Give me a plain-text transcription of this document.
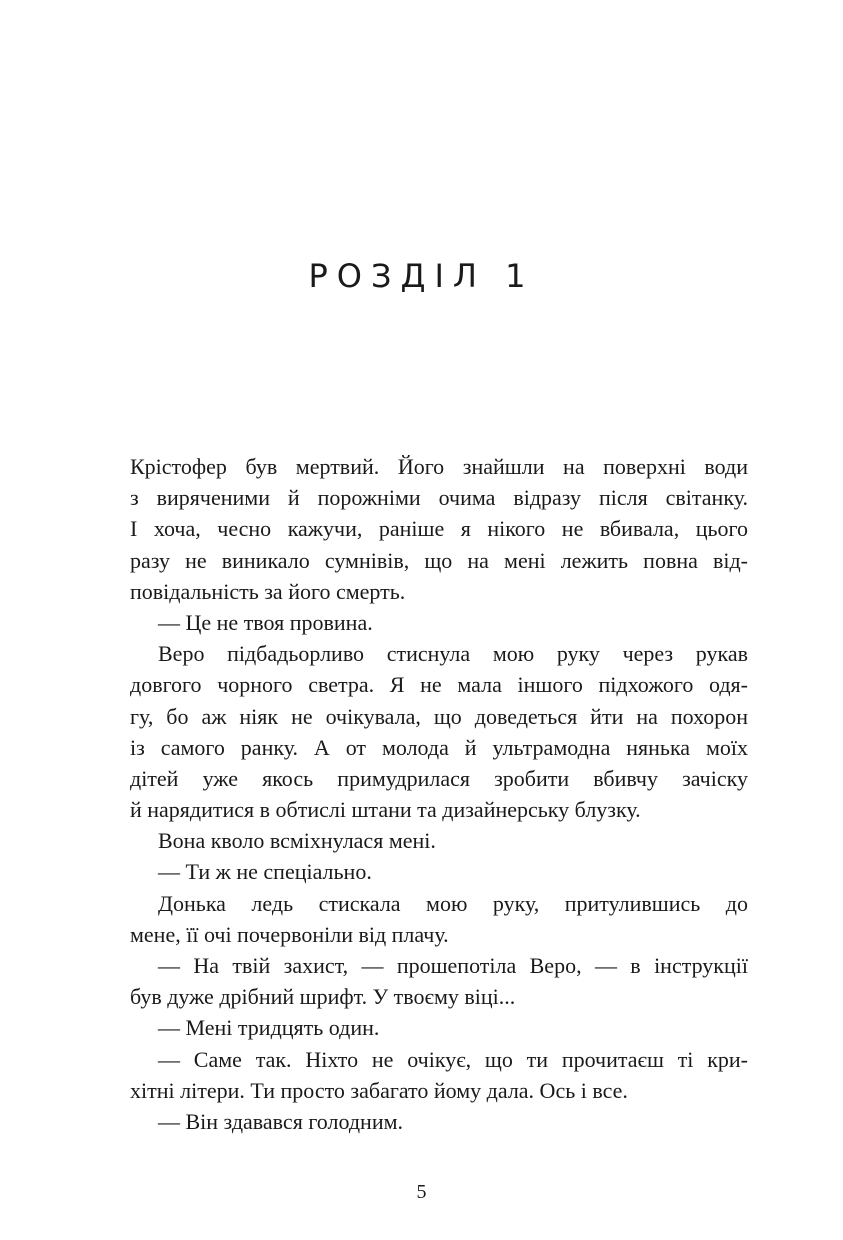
РОЗДІЛ 1
Крістофер був мертвий. Його знайшли на поверхні води
з виряченими й порожніми очима відразу після світанку.
І хоча, чесно кажучи, раніше я нікого не вбивала, цього
разу не виникало сумнівів, що на мені лежить повна від-
повідальність за його смерть.
— Це не твоя провина.
Веро підбадьорливо стиснула мою руку через рукав
довгого чорного светра. Я не мала іншого підхожого одя-
гу, бо аж ніяк не очікувала, що доведеться йти на похорон
із самого ранку. А от молода й ультрамодна нянька моїх
дітей уже якось примудрилася зробити вбивчу зачіску
й нарядитися в обтислі штани та дизайнерську блузку.
Вона кволо всміхнулася мені.
— Ти ж не спеціально.
Донька ледь стискала мою руку, притулившись до
мене, її очі почервоніли від плачу.
— На твій захист, — прошепотіла Веро, — в інструкції
був дуже дрібний шрифт. У твоєму віці...
— Мені тридцять один.
— Саме так. Ніхто не очікує, що ти прочитаєш ті кри-
хітні літери. Ти просто забагато йому дала. Ось і все.
— Він здавався голодним.
5
